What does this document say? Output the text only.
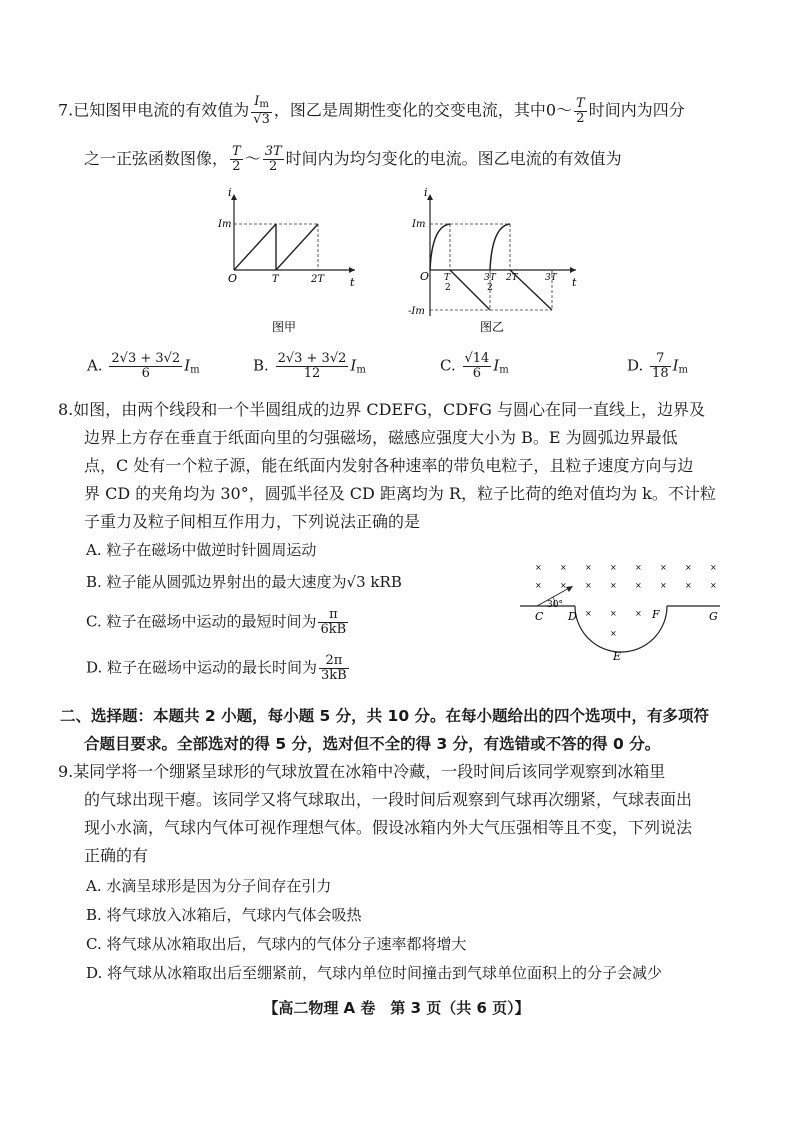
7.已知图甲电流的有效值为 $\frac{I_m}{√3}$ ，图乙是周期性变化的交变电流，其中0～ $\frac{T}{2}$ 时间内为四分
之一正弦函数图像， $\frac{T}{2}$ ～ $\frac{3T}{2}$ 时间内为均匀变化的电流。图乙电流的有效值为
i
t
O
Im
T	2T
图甲
i
t
O
Im
-Im
T
2
3T
2
2T	3T
图乙
A. $\frac{2√3 + 3√2}{6} I_m$	B. $\frac{2√3 + 3√2}{12} I_m$	C. $\frac{√14}{6} I_m$	D. $\frac{7}{18} I_m$
8.如图，由两个线段和一个半圆组成的边界 CDEFG，CDFG 与圆心在同一直线上，边界及
边界上方存在垂直于纸面向里的匀强磁场，磁感应强度大小为 B。E 为圆弧边界最低
点，C 处有一个粒子源，能在纸面内发射各种速率的带负电粒子，且粒子速度方向与边
界 CD 的夹角均为 30°，圆弧半径及 CD 距离均为 R，粒子比荷的绝对值均为 k。不计粒
子重力及粒子间相互作用力，下列说法正确的是
A. 粒子在磁场中做逆时针圆周运动
B. 粒子能从圆弧边界射出的最大速度为√3 kRB
C. 粒子在磁场中运动的最短时间为 $\frac{\pi}{6kB}$
D. 粒子在磁场中运动的最长时间为 $\frac{2\pi}{3kB}$
× × × × × × × ×
× × × × × × × ×
× × ×
×
30°
C D
E
F	G
二、选择题：本题共 2 小题，每小题 5 分，共 10 分。在每小题给出的四个选项中，有多项符
合题目要求。全部选对的得 5 分，选对但不全的得 3 分，有选错或不答的得 0 分。
9.某同学将一个绷紧呈球形的气球放置在冰箱中冷藏，一段时间后该同学观察到冰箱里
的气球出现干瘪。该同学又将气球取出，一段时间后观察到气球再次绷紧，气球表面出
现小水滴，气球内气体可视作理想气体。假设冰箱内外大气压强相等且不变，下列说法
正确的有
A. 水滴呈球形是因为分子间存在引力
B. 将气球放入冰箱后，气球内气体会吸热
C. 将气球从冰箱取出后，气球内的气体分子速率都将增大
D. 将气球从冰箱取出后至绷紧前，气球内单位时间撞击到气球单位面积上的分子会减少
【高二物理 A 卷　第 3 页（共 6 页）】
